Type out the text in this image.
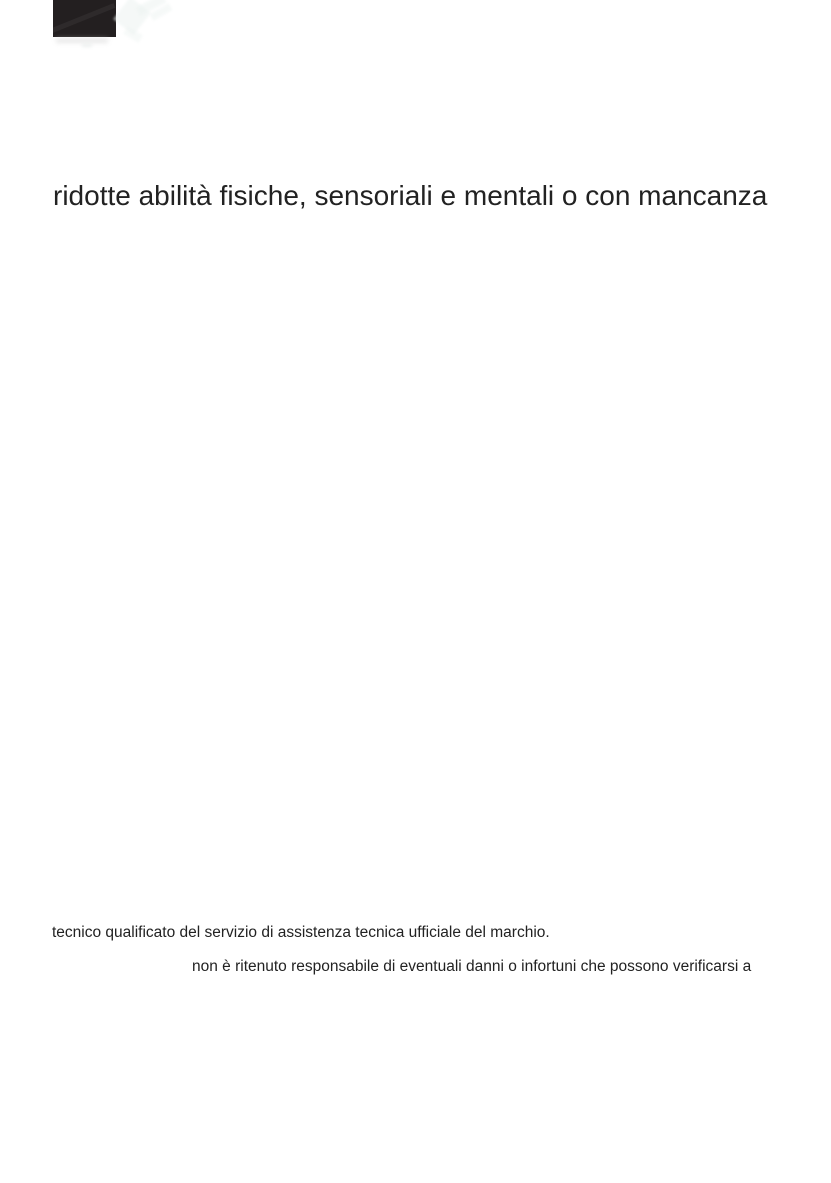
ridotte abilità fisiche, sensoriali e mentali o con mancanza
tecnico qualificato del servizio di assistenza tecnica ufficiale del marchio.
non è ritenuto responsabile di eventuali danni o infortuni che possono verificarsi a
